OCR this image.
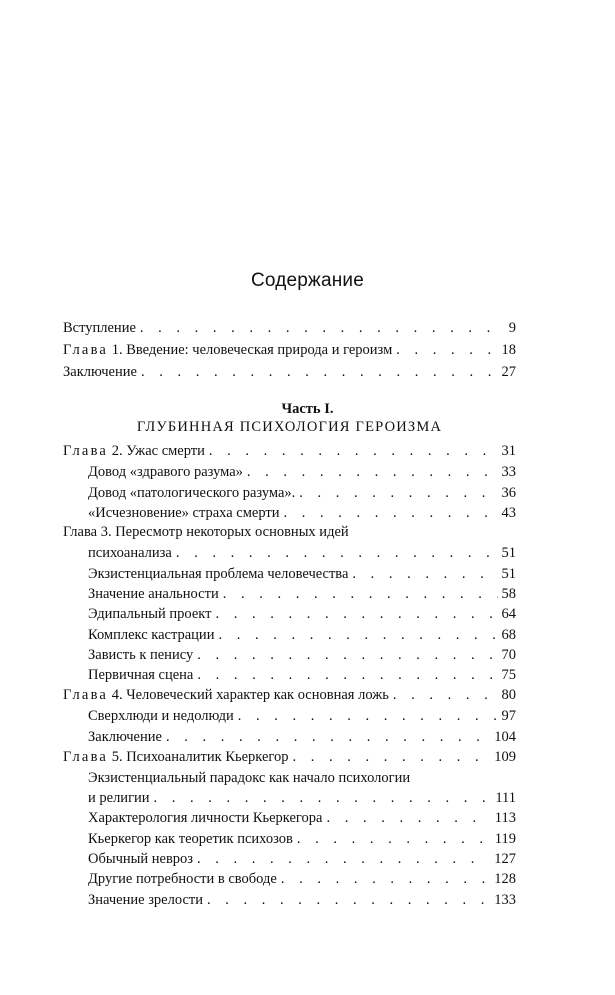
Содержание
Вступление . . .	9
Глава 1. Введение: человеческая природа и героизм . . .	18
Заключение . . .	27
Глава 2. Ужас смерти . . .	31
Довод «здравого разума» . . .	33
Довод «патологического разума». . . .	36
«Исчезновение» страха смерти . . .	43
Глава 3. Пересмотр некоторых основных идей
психоанализа . . .	51
Экзистенциальная проблема человечества . . .	51
Значение анальности . . .	58
Эдипальный проект . . .	64
Комплекс кастрации . . .	68
Зависть к пенису . . .	70
Первичная сцена . . .	75
Глава 4. Человеческий характер как основная ложь . . .	80
Сверхлюди и недолюди . . .	97
Заключение . . .	104
Глава 5. Психоаналитик Кьеркегор . . .	109
Экзистенциальный парадокс как начало психологии
и религии . . .	111
Характерология личности Кьеркегора . . .	113
Кьеркегор как теоретик психозов . . .	119
Обычный невроз . . .	127
Другие потребности в свободе . . .	128
Значение зрелости . . .	133
Часть I.
ГЛУБИННАЯ ПСИХОЛОГИЯ ГЕРОИЗМА
